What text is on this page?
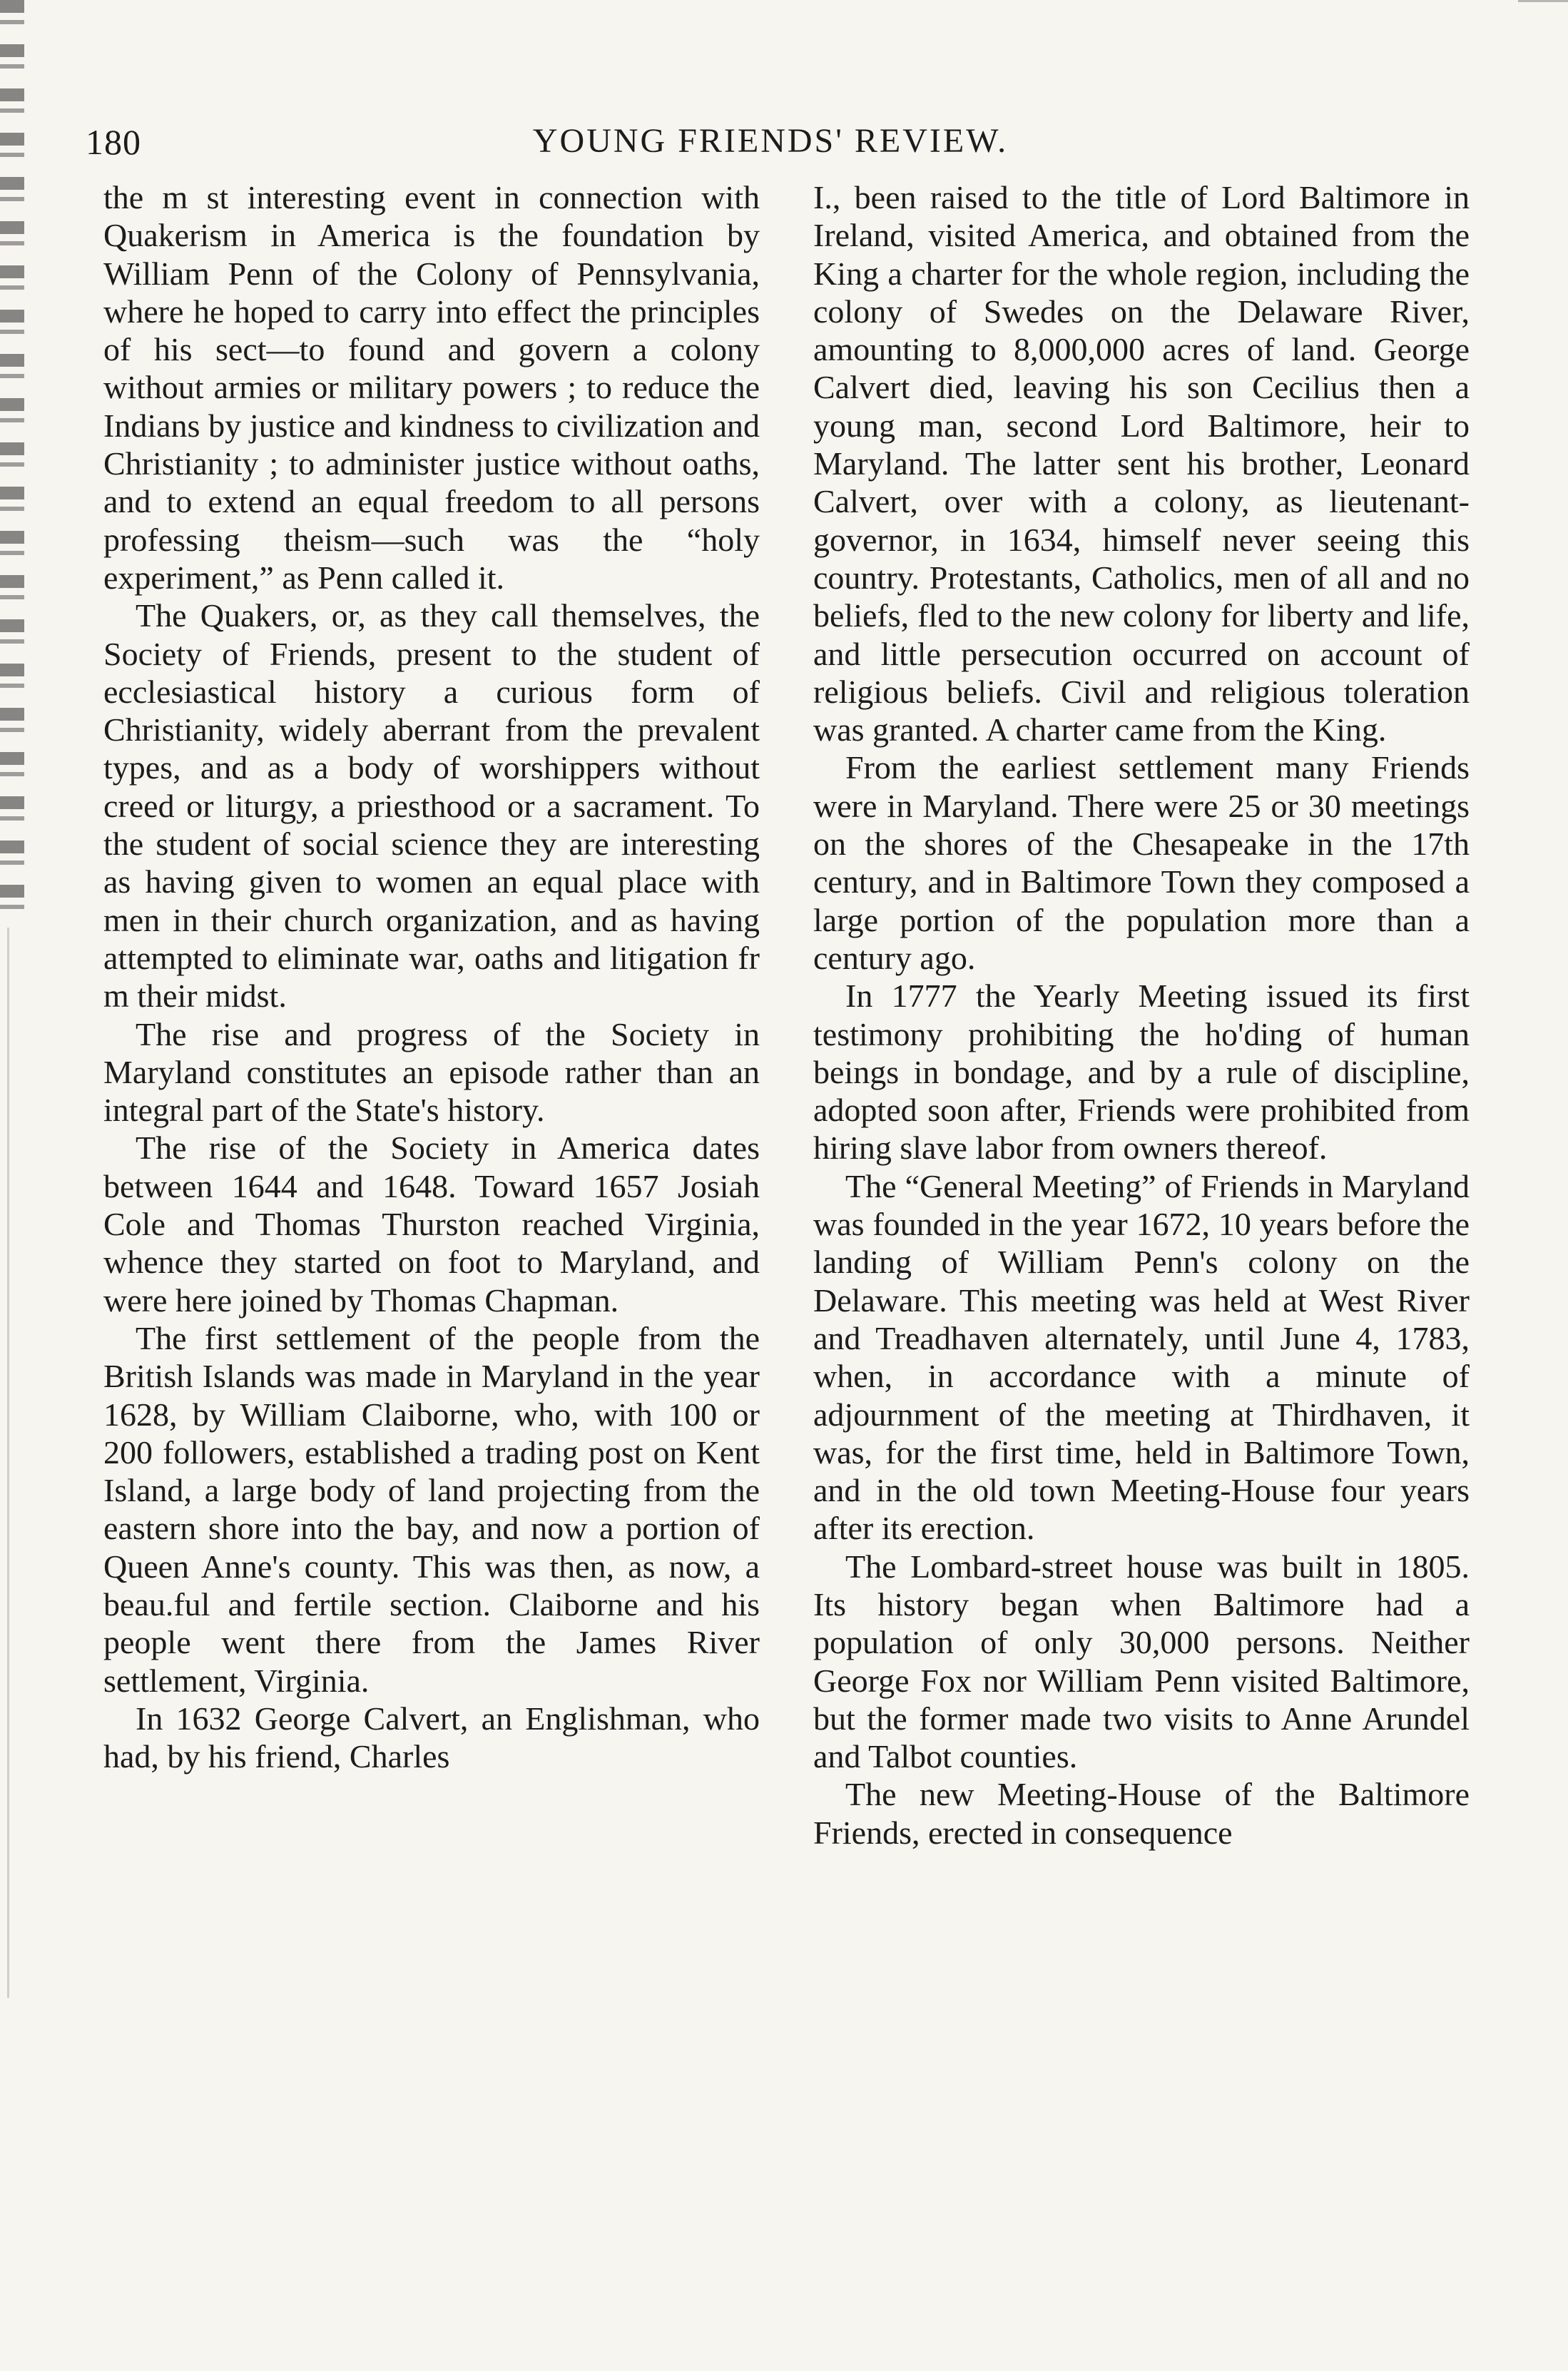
180	YOUNG FRIENDS' REVIEW.

the m st interesting event in connection with Quakerism in America is the foundation by William Penn of the Colony of Pennsylvania, where he hoped to carry into effect the principles of his sect—to found and govern a colony without armies or military powers ; to reduce the Indians by justice and kindness to civilization and Christianity ; to administer justice without oaths, and to extend an equal freedom to all persons professing theism—such was the “holy experiment,” as Penn called it.

The Quakers, or, as they call themselves, the Society of Friends, present to the student of ecclesiastical history a curious form of Christianity, widely aberrant from the prevalent types, and as a body of worshippers without creed or liturgy, a priesthood or a sacrament. To the student of social science they are interesting as having given to women an equal place with men in their church organization, and as having attempted to eliminate war, oaths and litigation fr m their midst.

The rise and progress of the Society in Maryland constitutes an episode rather than an integral part of the State's history.

The rise of the Society in America dates between 1644 and 1648. Toward 1657 Josiah Cole and Thomas Thurston reached Virginia, whence they started on foot to Maryland, and were here joined by Thomas Chapman.

The first settlement of the people from the British Islands was made in Maryland in the year 1628, by William Claiborne, who, with 100 or 200 followers, established a trading post on Kent Island, a large body of land projecting from the eastern shore into the bay, and now a portion of Queen Anne's county. This was then, as now, a beau.ful and fertile section. Claiborne and his people went there from the James River settlement, Virginia.

In 1632 George Calvert, an Englishman, who had, by his friend, Charles

I., been raised to the title of Lord Baltimore in Ireland, visited America, and obtained from the King a charter for the whole region, including the colony of Swedes on the Delaware River, amounting to 8,000,000 acres of land. George Calvert died, leaving his son Cecilius then a young man, second Lord Baltimore, heir to Maryland. The latter sent his brother, Leonard Calvert, over with a colony, as lieutenant-governor, in 1634, himself never seeing this country. Protestants, Catholics, men of all and no beliefs, fled to the new colony for liberty and life, and little persecution occurred on account of religious beliefs. Civil and religious toleration was granted. A charter came from the King.

From the earliest settlement many Friends were in Maryland. There were 25 or 30 meetings on the shores of the Chesapeake in the 17th century, and in Baltimore Town they composed a large portion of the population more than a century ago.

In 1777 the Yearly Meeting issued its first testimony prohibiting the ho'ding of human beings in bondage, and by a rule of discipline, adopted soon after, Friends were prohibited from hiring slave labor from owners thereof.

The “General Meeting” of Friends in Maryland was founded in the year 1672, 10 years before the landing of William Penn's colony on the Delaware. This meeting was held at West River and Treadhaven alternately, until June 4, 1783, when, in accordance with a minute of adjournment of the meeting at Thirdhaven, it was, for the first time, held in Baltimore Town, and in the old town Meeting-House four years after its erection.

The Lombard-street house was built in 1805. Its history began when Baltimore had a population of only 30,000 persons. Neither George Fox nor William Penn visited Baltimore, but the former made two visits to Anne Arundel and Talbot counties.

The new Meeting-House of the Baltimore Friends, erected in consequence
